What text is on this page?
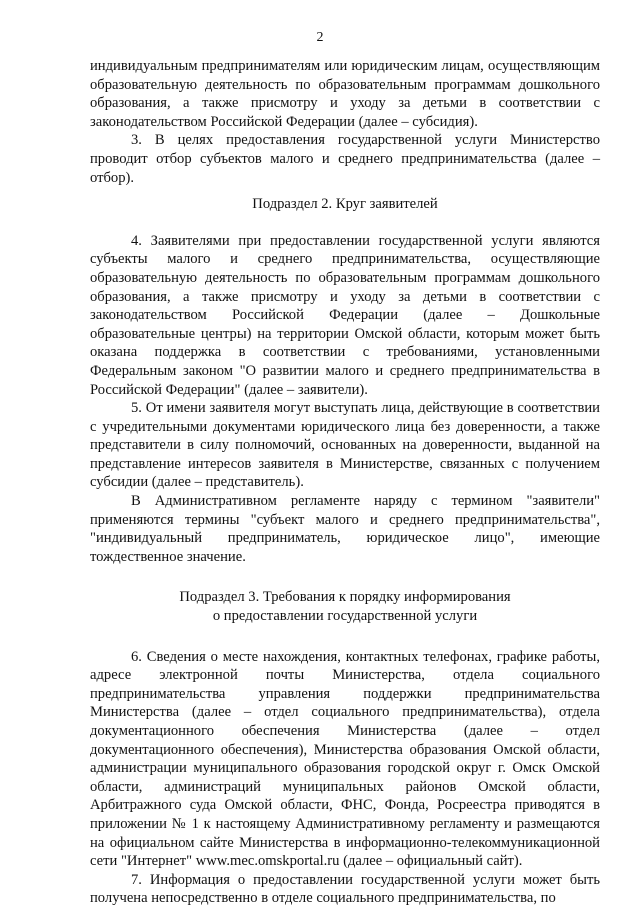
2

индивидуальным предпринимателям или юридическим лицам, осуществляющим образовательную деятельность по образовательным программам дошкольного образования, а также присмотру и уходу за детьми в соответствии с законодательством Российской Федерации (далее – субсидия).

3. В целях предоставления государственной услуги Министерство проводит отбор субъектов малого и среднего предпринимательства (далее – отбор).

Подраздел 2. Круг заявителей

4. Заявителями при предоставлении государственной услуги являются субъекты малого и среднего предпринимательства, осуществляющие образовательную деятельность по образовательным программам дошкольного образования, а также присмотру и уходу за детьми в соответствии с законодательством Российской Федерации (далее – Дошкольные образовательные центры) на территории Омской области, которым может быть оказана поддержка в соответствии с требованиями, установленными Федеральным законом "О развитии малого и среднего предпринимательства в Российской Федерации" (далее – заявители).

5. От имени заявителя могут выступать лица, действующие в соответствии с учредительными документами юридического лица без доверенности, а также представители в силу полномочий, основанных на доверенности, выданной на представление интересов заявителя в Министерстве, связанных с получением субсидии (далее – представитель).

В Административном регламенте наряду с термином "заявители" применяются термины "субъект малого и среднего предпринимательства", "индивидуальный предприниматель, юридическое лицо", имеющие тождественное значение.

Подраздел 3. Требования к порядку информирования

о предоставлении государственной услуги

6. Сведения о месте нахождения, контактных телефонах, графике работы, адресе электронной почты Министерства, отдела социального предпринимательства управления поддержки предпринимательства Министерства (далее – отдел социального предпринимательства), отдела документационного обеспечения Министерства (далее – отдел документационного обеспечения), Министерства образования Омской области, администрации муниципального образования городской округ г. Омск Омской области, администраций муниципальных районов Омской области, Арбитражного суда Омской области, ФНС, Фонда, Росреестра приводятся в приложении № 1 к настоящему Административному регламенту и размещаются на официальном сайте Министерства в информационно-телекоммуникационной сети "Интернет" www.mec.omskportal.ru (далее – официальный сайт).

7. Информация о предоставлении государственной услуги может быть получена непосредственно в отделе социального предпринимательства, по
